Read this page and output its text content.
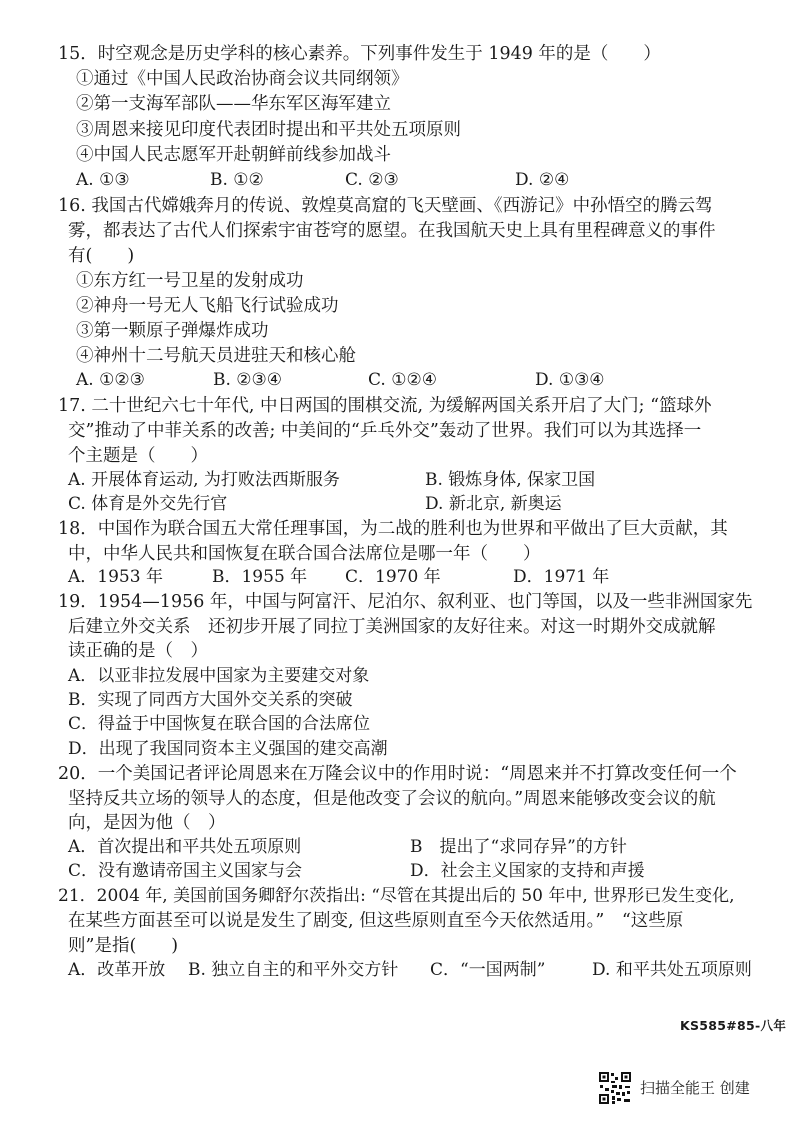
15．时空观念是历史学科的核心素养。下列事件发生于 1949 年的是（　　）
①通过《中国人民政治协商会议共同纲领》
②第一支海军部队——华东军区海军建立
③周恩来接见印度代表团时提出和平共处五项原则
④中国人民志愿军开赴朝鲜前线参加战斗
A. ①③	B. ①②	C. ②③	D. ②④
16. 我国古代嫦娥奔月的传说、敦煌莫高窟的飞天壁画、《西游记》中孙悟空的腾云驾
雾，都表达了古代人们探索宇宙苍穹的愿望。在我国航天史上具有里程碑意义的事件
有(　　)
①东方红一号卫星的发射成功
②神舟一号无人飞船飞行试验成功
③第一颗原子弹爆炸成功
④神州十二号航天员进驻天和核心舱
A. ①②③	B. ②③④	C. ①②④	D. ①③④
17. 二十世纪六七十年代, 中日两国的围棋交流, 为缓解两国关系开启了大门; “篮球外
交”推动了中菲关系的改善; 中美间的“乒乓外交”轰动了世界。我们可以为其选择一
个主题是（　　）
A. 开展体育运动, 为打败法西斯服务	B. 锻炼身体, 保家卫国
C. 体育是外交先行官	D. 新北京, 新奥运
18．中国作为联合国五大常任理事国，为二战的胜利也为世界和平做出了巨大贡献，其
中，中华人民共和国恢复在联合国合法席位是哪一年（　　）
A．1953 年	B．1955 年 C．1970 年	D．1971 年
19．1954—1956 年，中国与阿富汗、尼泊尔、叙利亚、也门等国，以及一些非洲国家先
后建立外交关系　还初步开展了同拉丁美洲国家的友好往来。对这一时期外交成就解
读正确的是（　）
A．以亚非拉发展中国家为主要建交对象
B．实现了同西方大国外交关系的突破
C．得益于中国恢复在联合国的合法席位
D．出现了我国同资本主义强国的建交高潮
20．一个美国记者评论周恩来在万隆会议中的作用时说：“周恩来并不打算改变任何一个
坚持反共立场的领导人的态度，但是他改变了会议的航向。”周恩来能够改变会议的航
向，是因为他（　）
A．首次提出和平共处五项原则	B　提出了“求同存异”的方针
C．没有邀请帝国主义国家与会	D．社会主义国家的支持和声援
21．2004 年, 美国前国务卿舒尔茨指出: “尽管在其提出后的 50 年中, 世界形已发生变化,
在某些方面甚至可以说是发生了剧变, 但这些原则直至今天依然适用。”　“这些原
则”是指(　　)
A．改革开放 B. 独立自主的和平外交方针 C．“一国两制”	D. 和平共处五项原则
KS585#85-八年
扫描全能王 创建
